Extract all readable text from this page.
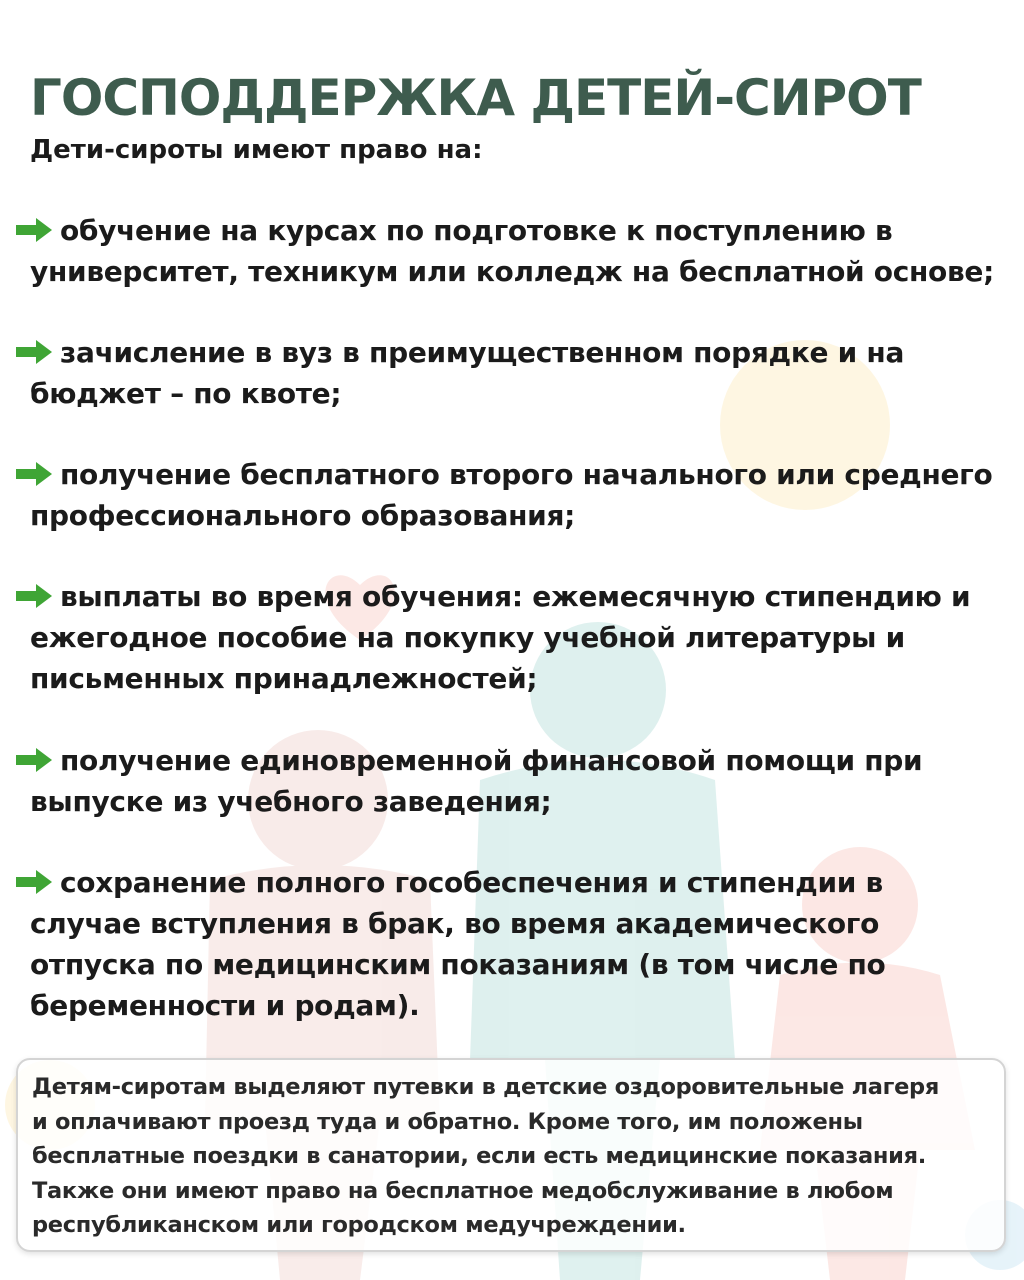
ГОСПОДДЕРЖКА ДЕТЕЙ-СИРОТ

Дети-сироты имеют право на:

обучение на курсах по подготовке к поступлению в
университет, техникум или колледж на бесплатной основе;
зачисление в вуз в преимущественном порядке и на
бюджет – по квоте;
получение бесплатного второго начального или среднего
профессионального образования;
выплаты во время обучения: ежемесячную стипендию и
ежегодное пособие на покупку учебной литературы и
письменных принадлежностей;
получение единовременной финансовой помощи при
выпуске из учебного заведения;
сохранение полного гособеспечения и стипендии в
случае вступления в брак, во время академического
отпуска по медицинским показаниям (в том числе по
беременности и родам).

Детям-сиротам выделяют путевки в детские оздоровительные лагеря

и оплачивают проезд туда и обратно. Кроме того, им положены

бесплатные поездки в санатории, если есть медицинские показания.

Также они имеют право на бесплатное медобслуживание в любом

республиканском или городском медучреждении.
